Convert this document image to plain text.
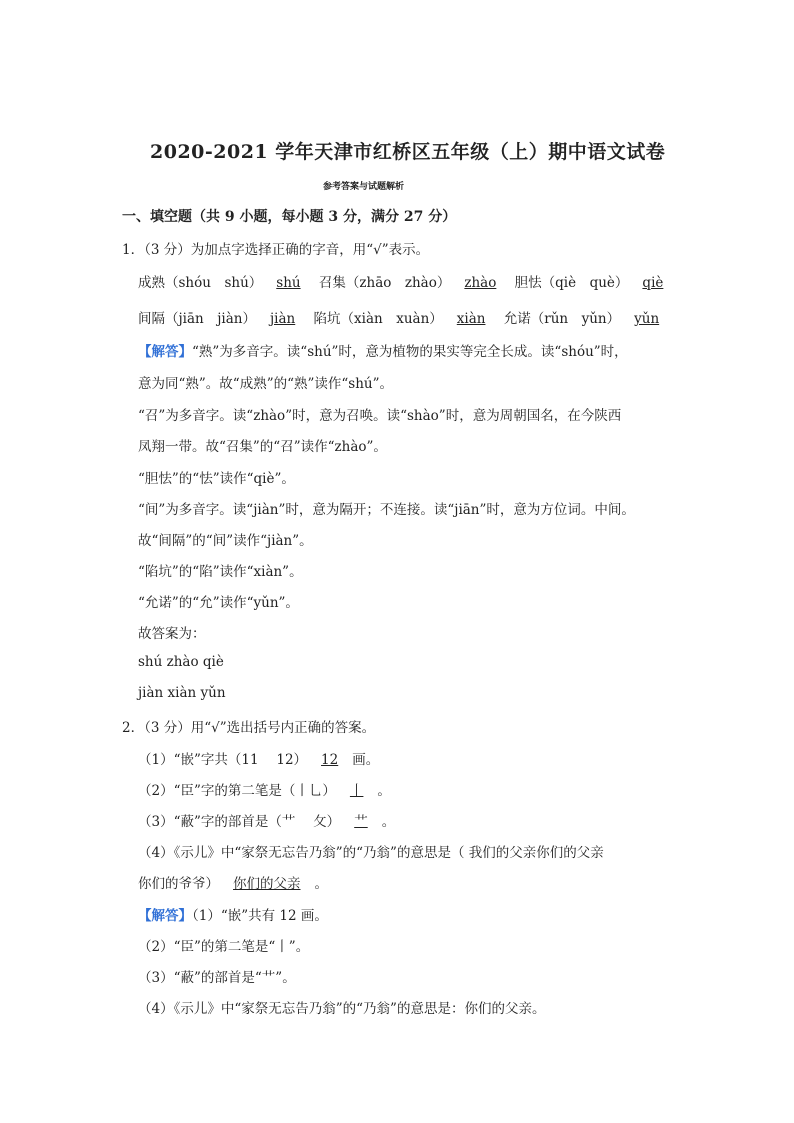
2020-2021 学年天津市红桥区五年级（上）期中语文试卷
参考答案与试题解析
一、填空题（共 9 小题，每小题 3 分，满分 27 分）
1．（3 分）为加点字选择正确的字音，用“√”表示。
成熟（shóu　shú） shú 召集（zhāo　zhào） zhào 胆怯（qiè　què） qiè
间隔（jiān　jiàn） jiàn 陷坑（xiàn　xuàn） xiàn 允诺（rǔn　yǔn） yǔn
【解答】“熟”为多音字。读“shú”时，意为植物的果实等完全长成。读“shóu”时，
意为同“熟”。故“成熟”的“熟”读作“shú”。
“召”为多音字。读“zhào”时，意为召唤。读“shào”时，意为周朝国名，在今陕西
凤翔一带。故“召集”的“召”读作“zhào”。
“胆怯”的“怯”读作“qiè”。
“间”为多音字。读“jiàn”时，意为隔开；不连接。读“jiān”时，意为方位词。中间。
故“间隔”的“间”读作“jiàn”。
“陷坑”的“陷”读作“xiàn”。
“允诺”的“允”读作“yǔn”。
故答案为：
shú zhào qiè
jiàn xiàn yǔn
2．（3 分）用“√”选出括号内正确的答案。
（1）“嵌”字共（11　 12） 12 画。
（2）“臣”字的第二笔是（丨乚） 丨 。
（3）“蔽”字的部首是（艹　 攵） 艹 。
（4）《示儿》中“家祭无忘告乃翁”的“乃翁”的意思是（ 我们的父亲你们的父亲
你们的爷爷） 你们的父亲 。
【解答】（1）“嵌”共有 12 画。
（2）“臣”的第二笔是“丨”。
（3）“蔽”的部首是“艹”。
（4）《示儿》中“家祭无忘告乃翁”的“乃翁”的意思是：你们的父亲。
